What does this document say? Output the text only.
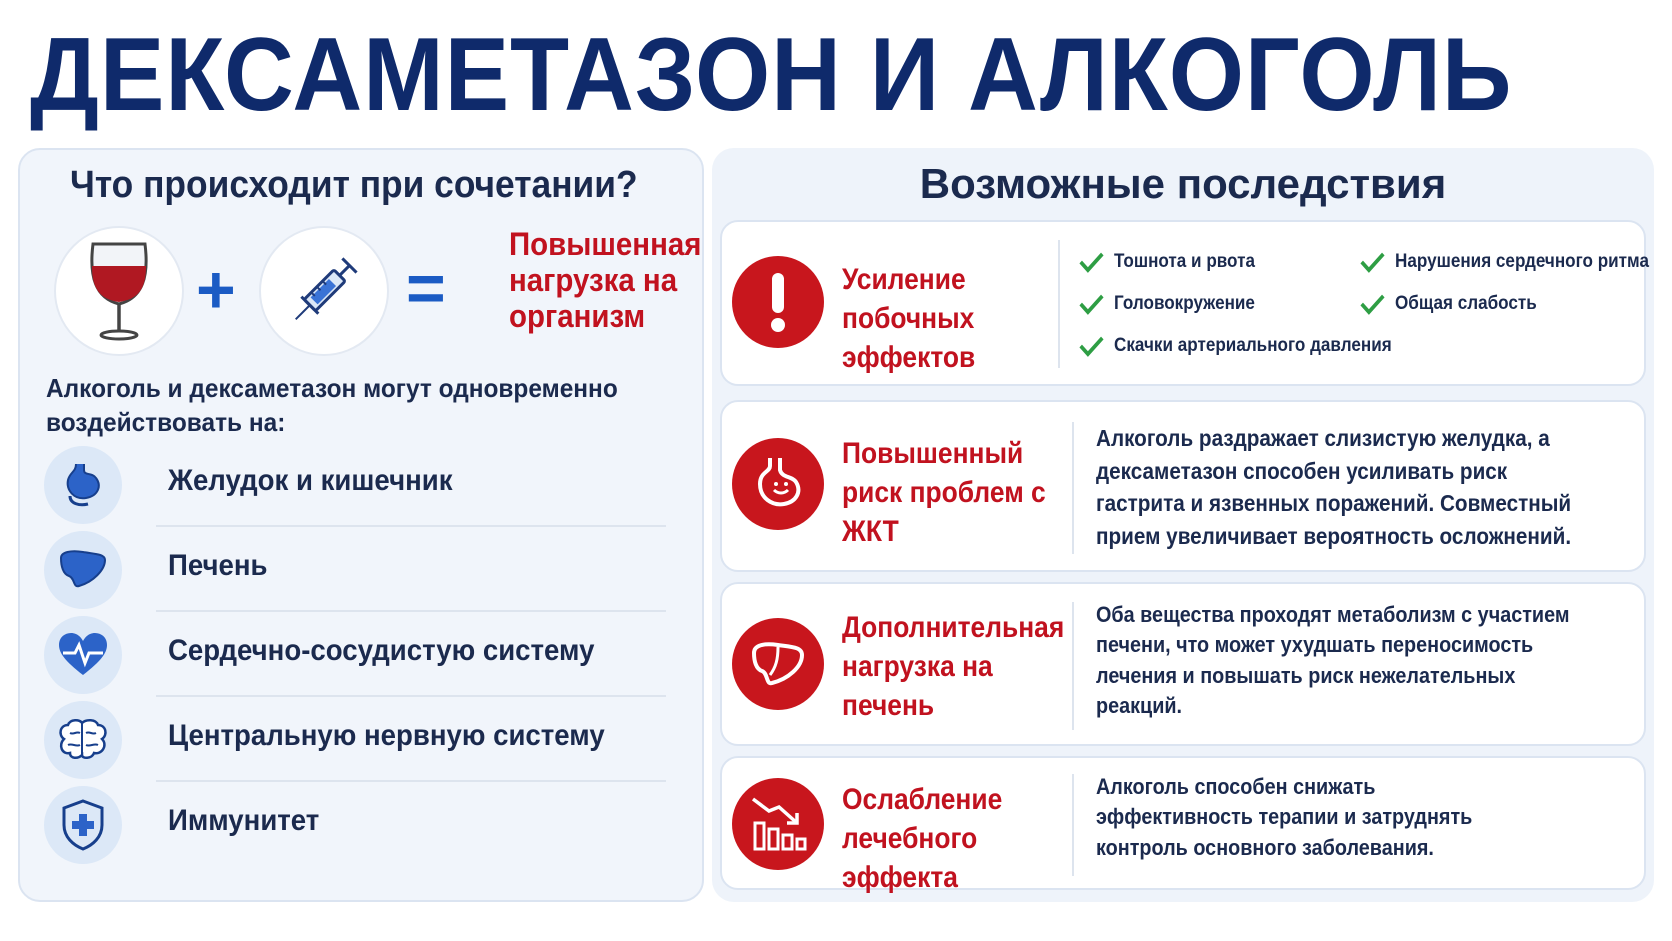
ДЕКСАМЕТАЗОН И АЛКОГОЛЬ
Что происходит при сочетании?
+	=
Повышенная нагрузка на организм

Алкоголь и дексаметазон могут одновременно воздействовать на:

Желудок и кишечник
Печень
Сердечно-сосудистую систему
Центральную нервную систему
Иммунитет
Возможные последствия
Усиление побочных эффектов
Тошнота и рвота
Головокружение
Скачки артериального давления
Нарушения сердечного ритма
Общая слабость
Повышенный риск проблем с ЖКТ

Алкоголь раздражает слизистую желудка, а дексаметазон способен усиливать риск гастрита и язвенных поражений. Совместный прием увеличивает вероятность осложнений.

Дополнительная нагрузка на печень

Оба вещества проходят метаболизм с участием печени, что может ухудшать переносимость лечения и повышать риск нежелательных реакций.

Ослабление лечебного эффекта

Алкоголь способен снижать эффективность терапии и затруднять контроль основного заболевания.
